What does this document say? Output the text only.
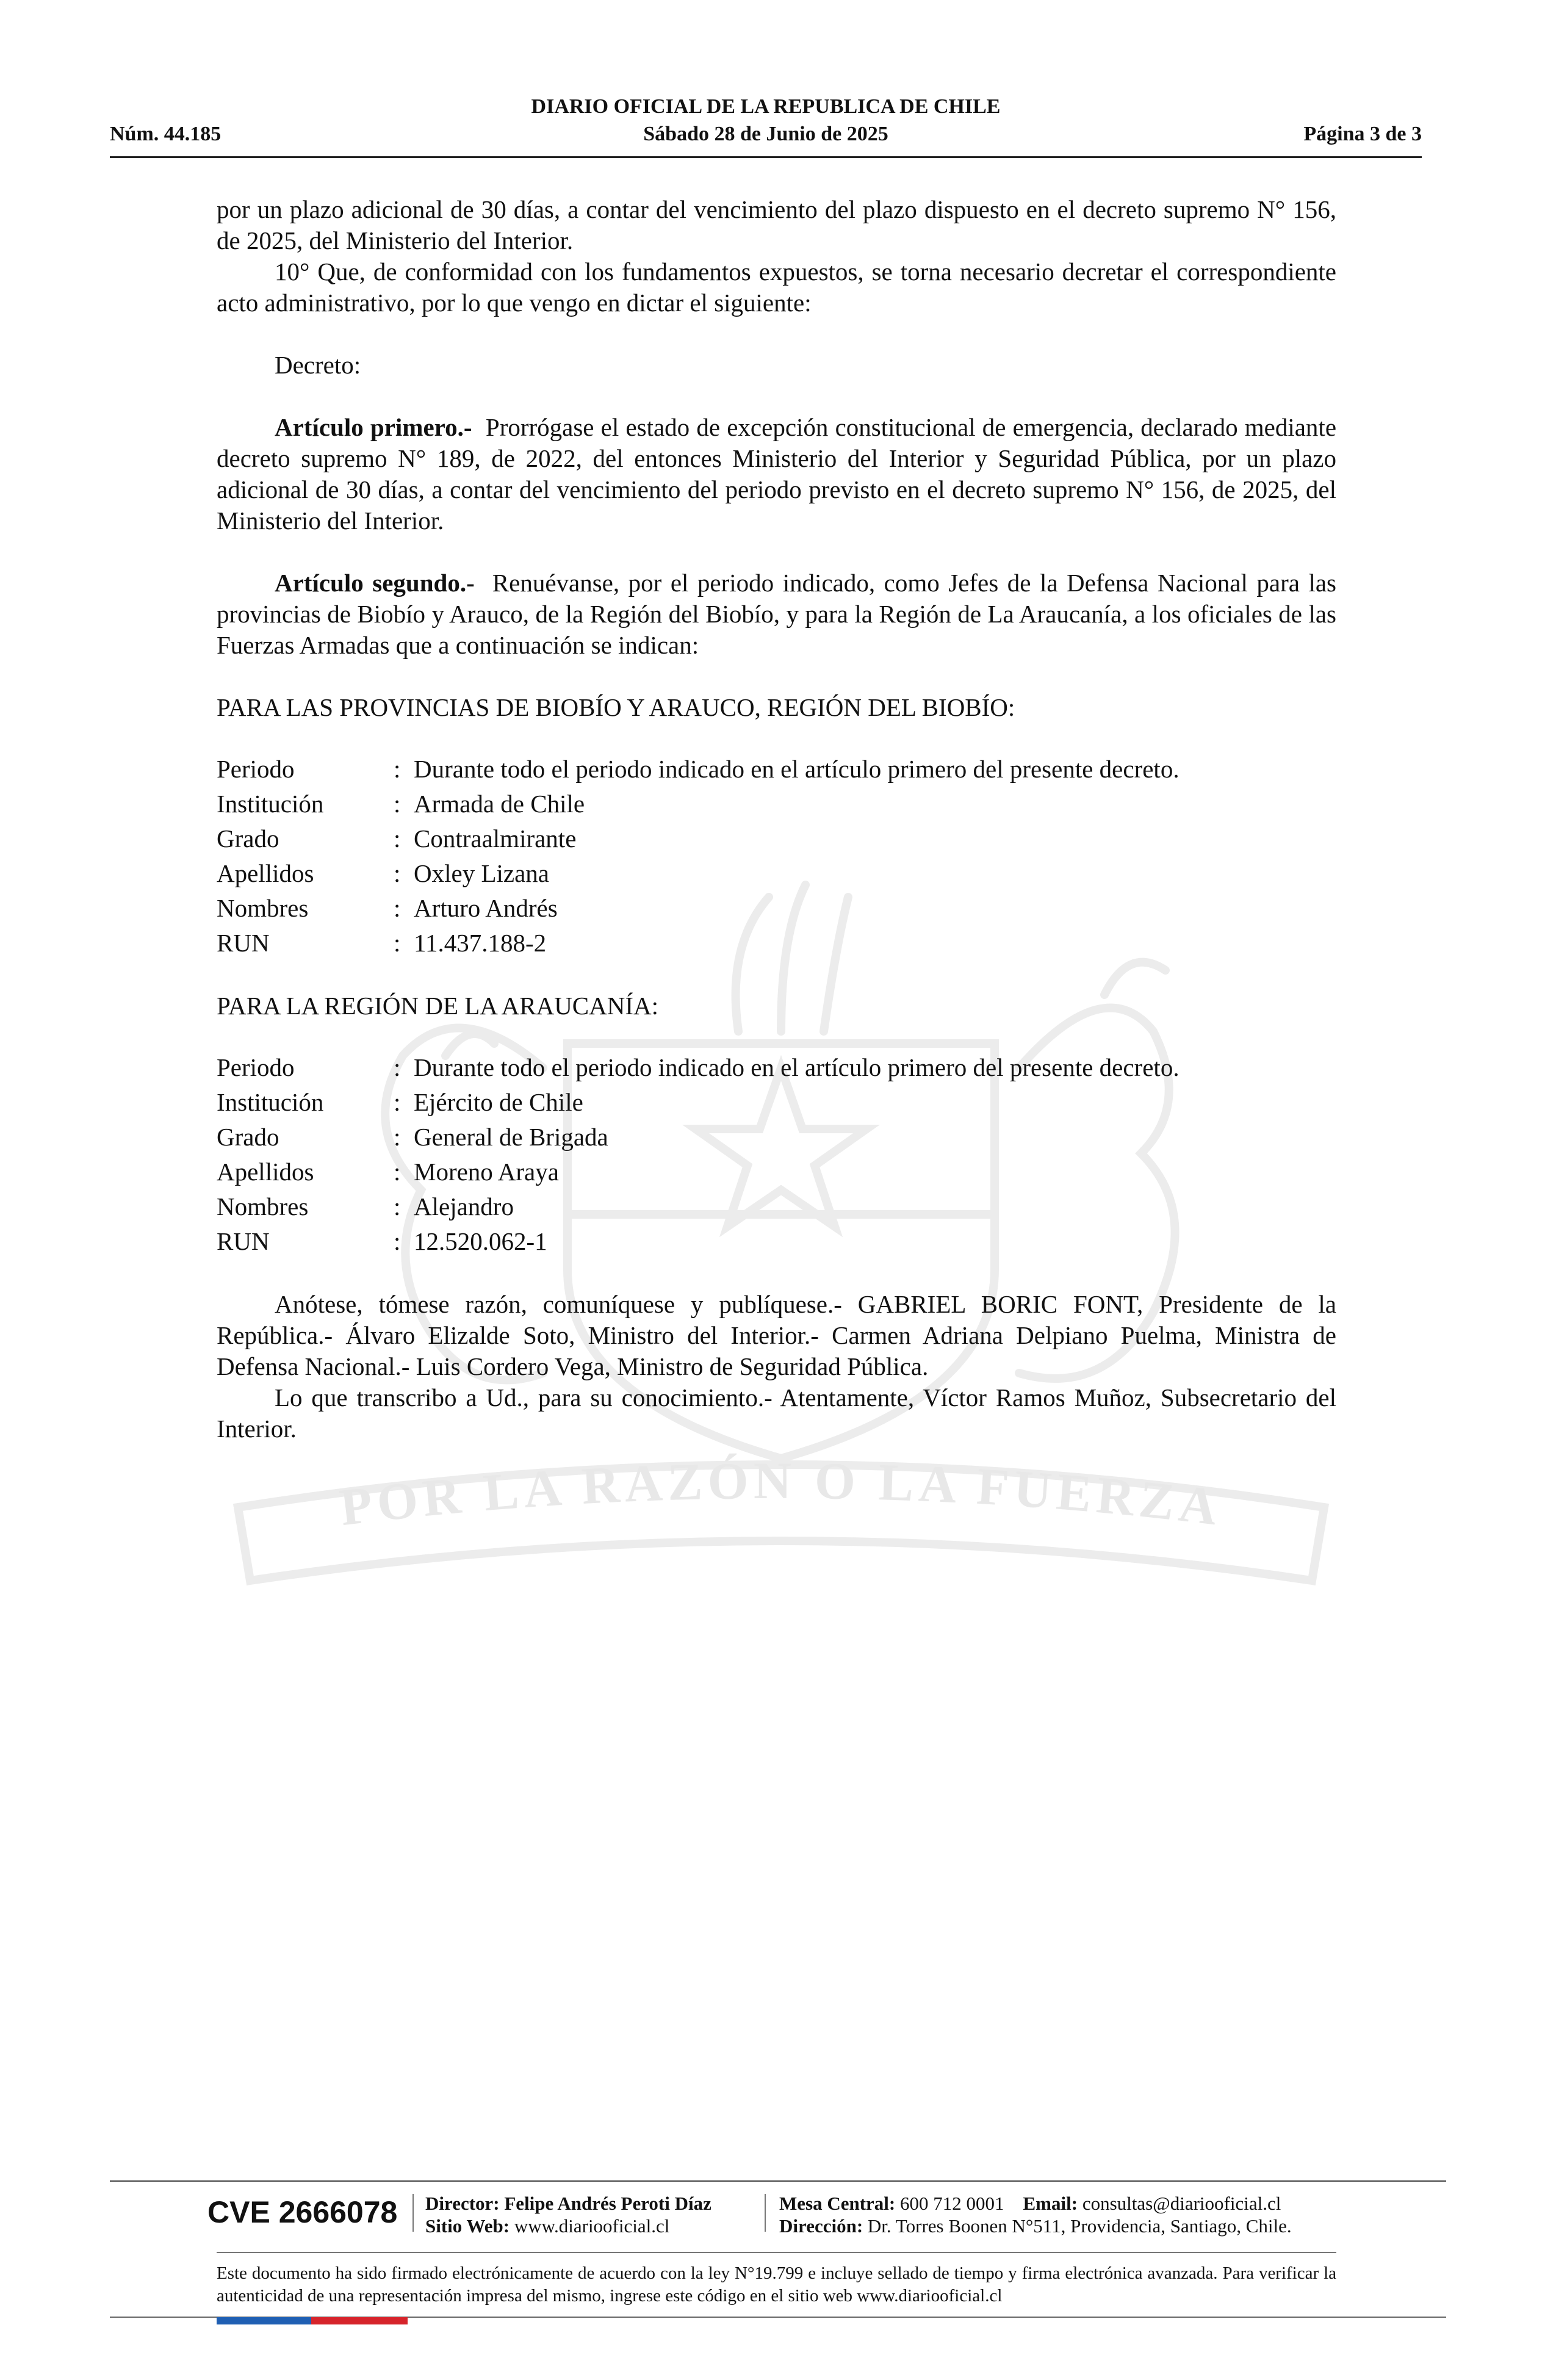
DIARIO OFICIAL DE LA REPUBLICA DE CHILE
Núm. 44.185	Sábado 28 de Junio de 2025	Página 3 de 3
POR LA RAZÓN O LA FUERZA

por un plazo adicional de 30 días, a contar del vencimiento del plazo dispuesto en el decreto supremo N° 156, de 2025, del Ministerio del Interior.

10° Que, de conformidad con los fundamentos expuestos, se torna necesario decretar el correspondiente acto administrativo, por lo que vengo en dictar el siguiente:

Decreto:

Artículo primero.- Prorrógase el estado de excepción constitucional de emergencia, declarado mediante decreto supremo N° 189, de 2022, del entonces Ministerio del Interior y Seguridad Pública, por un plazo adicional de 30 días, a contar del vencimiento del periodo previsto en el decreto supremo N° 156, de 2025, del Ministerio del Interior.

Artículo segundo.- Renuévanse, por el periodo indicado, como Jefes de la Defensa Nacional para las provincias de Biobío y Arauco, de la Región del Biobío, y para la Región de La Araucanía, a los oficiales de las Fuerzas Armadas que a continuación se indican:

PARA LAS PROVINCIAS DE BIOBÍO Y ARAUCO, REGIÓN DEL BIOBÍO:

Periodo	:	Durante todo el periodo indicado en el artículo primero del presente decreto.
Institución	:	Armada de Chile
Grado	:	Contraalmirante
Apellidos	:	Oxley Lizana
Nombres	:	Arturo Andrés
RUN	:	11.437.188-2

PARA LA REGIÓN DE LA ARAUCANÍA:

Periodo	:	Durante todo el periodo indicado en el artículo primero del presente decreto.
Institución	:	Ejército de Chile
Grado	:	General de Brigada
Apellidos	:	Moreno Araya
Nombres	:	Alejandro
RUN	:	12.520.062-1

Anótese, tómese razón, comuníquese y publíquese.- GABRIEL BORIC FONT, Presidente de la República.- Álvaro Elizalde Soto, Ministro del Interior.- Carmen Adriana Delpiano Puelma, Ministra de Defensa Nacional.- Luis Cordero Vega, Ministro de Seguridad Pública.

Lo que transcribo a Ud., para su conocimiento.- Atentamente, Víctor Ramos Muñoz, Subsecretario del Interior.

CVE 2666078	Director: Felipe Andrés Peroti Díaz
Sitio Web: www.diariooficial.cl
Mesa Central: 600 712 0001 Email: consultas@diariooficial.cl
Dirección: Dr. Torres Boonen N°511, Providencia, Santiago, Chile.
Este documento ha sido firmado electrónicamente de acuerdo con la ley N°19.799 e incluye sellado de tiempo y firma electrónica avanzada. Para verificar la autenticidad de una representación impresa del mismo, ingrese este código en el sitio web www.diariooficial.cl
